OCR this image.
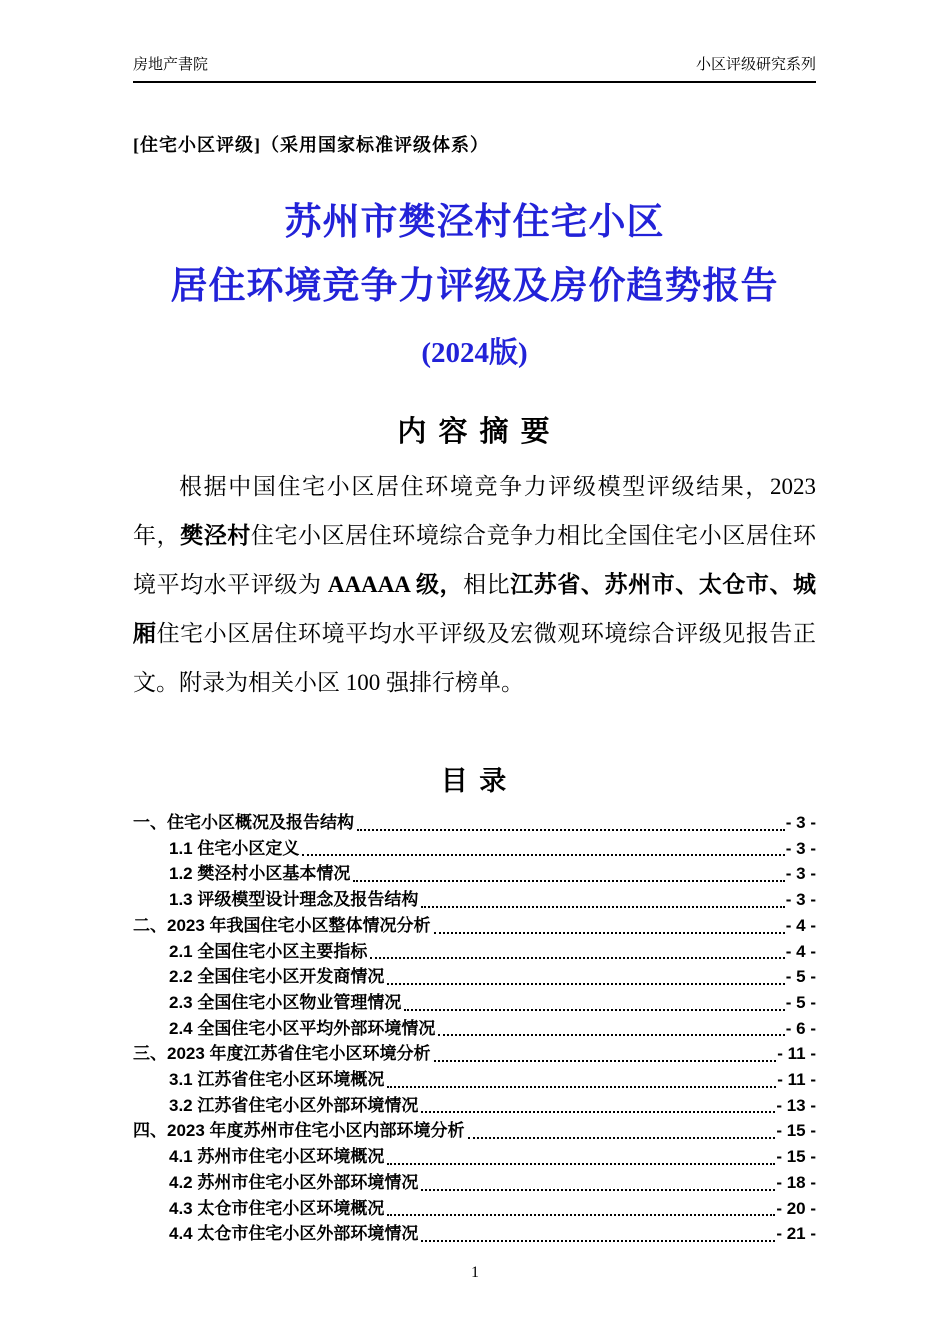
房地产書院	小区评级研究系列
[住宅小区评级]（采用国家标准评级体系）
苏州市樊泾村住宅小区
居住环境竞争力评级及房价趋势报告
(2024版)
内 容 摘 要
根据中国住宅小区居住环境竞争力评级模型评级结果，2023 年，樊泾村住宅小区居住环境综合竞争力相比全国住宅小区居住环境平均水平评级为 AAAAA 级，相比江苏省、苏州市、太仓市、城厢住宅小区居住环境平均水平评级及宏微观环境综合评级见报告正文。附录为相关小区 100 强排行榜单。
目 录
一、住宅小区概况及报告结构	- 3 -
1.1 住宅小区定义	- 3 -
1.2 樊泾村小区基本情况	- 3 -
1.3 评级模型设计理念及报告结构	- 3 -
二、2023 年我国住宅小区整体情况分析	- 4 -
2.1 全国住宅小区主要指标	- 4 -
2.2 全国住宅小区开发商情况	- 5 -
2.3 全国住宅小区物业管理情况	- 5 -
2.4 全国住宅小区平均外部环境情况	- 6 -
三、2023 年度江苏省住宅小区环境分析	- 11 -
3.1 江苏省住宅小区环境概况	- 11 -
3.2 江苏省住宅小区外部环境情况	- 13 -
四、2023 年度苏州市住宅小区内部环境分析	- 15 -
4.1 苏州市住宅小区环境概况	- 15 -
4.2 苏州市住宅小区外部环境情况	- 18 -
4.3 太仓市住宅小区环境概况	- 20 -
4.4 太仓市住宅小区外部环境情况	- 21 -
1
